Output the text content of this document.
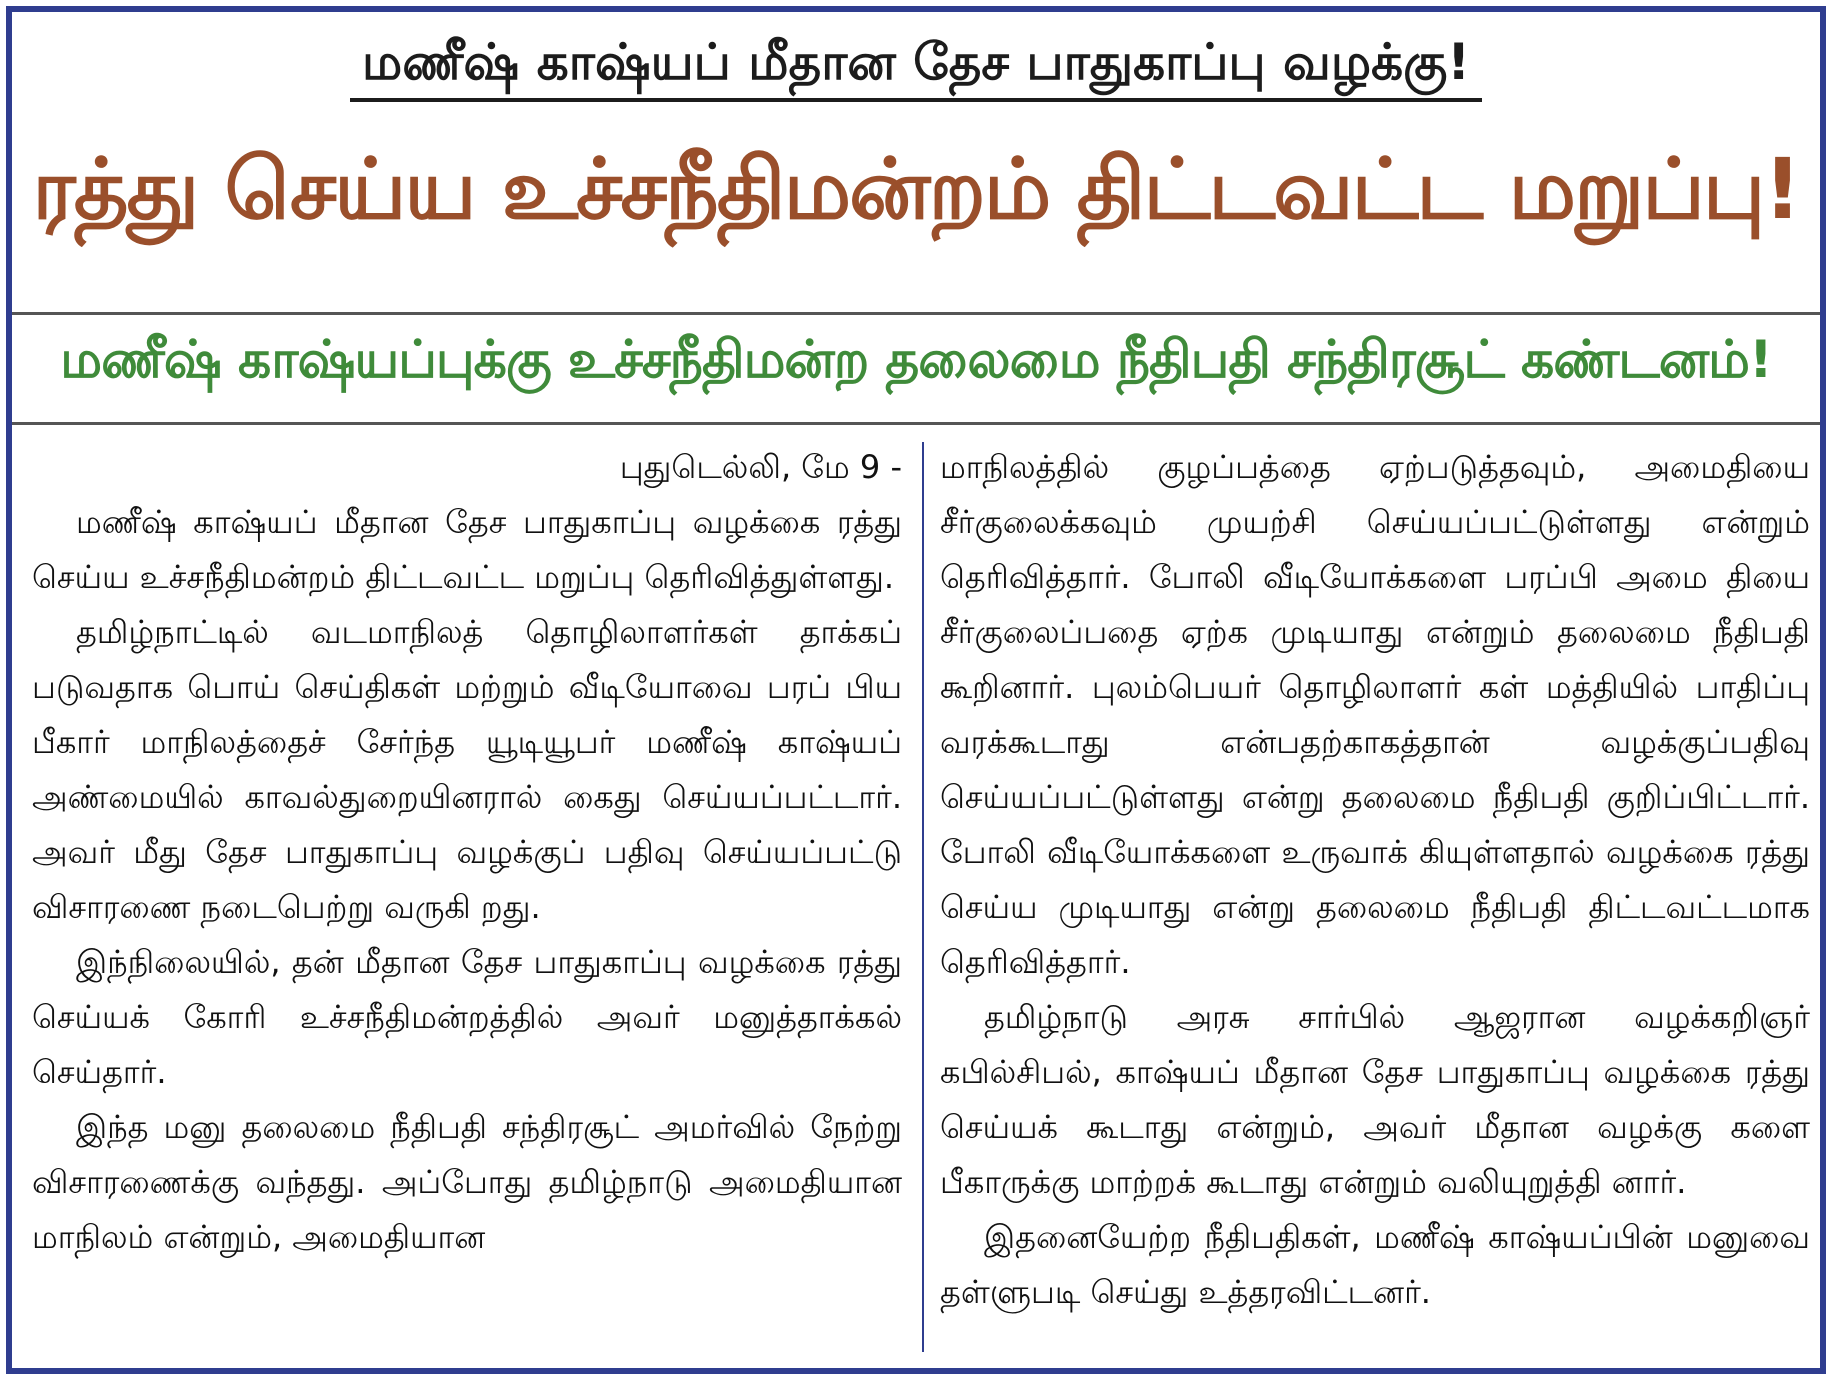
மணீஷ் காஷ்யப் மீதான தேச பாதுகாப்பு வழக்கு!
ரத்து செய்ய உச்சநீதிமன்றம் திட்டவட்ட மறுப்பு!
மணீஷ் காஷ்யப்புக்கு உச்சநீதிமன்ற தலைமை நீதிபதி சந்திரசூட் கண்டனம்!

புதுடெல்லி, மே 9 -

மணீஷ் காஷ்யப் மீதான தேச பாதுகாப்பு வழக்கை ரத்து செய்ய உச்சநீதிமன்றம் திட்டவட்ட மறுப்பு தெரிவித்துள்ளது.

தமிழ்நாட்டில் வடமாநிலத் தொழிலாளர்கள் தாக்கப் படுவதாக பொய் செய்திகள் மற்றும் வீடியோவை பரப் பிய பீகார் மாநிலத்தைச் சேர்ந்த யூடியூபர் மணீஷ் காஷ்யப் அண்மையில் காவல்துறையினரால் கைது செய்யப்பட்டார். அவர் மீது தேச பாதுகாப்பு வழக்குப் பதிவு செய்யப்பட்டு விசாரணை நடைபெற்று வருகி றது.

இந்நிலையில், தன் மீதான தேச பாதுகாப்பு வழக்கை ரத்து செய்யக் கோரி உச்சநீதிமன்றத்தில் அவர் மனுத்தாக்கல் செய்தார்.

இந்த மனு தலைமை நீதிபதி சந்திரசூட் அமர்வில் நேற்று விசாரணைக்கு வந்தது. அப்போது தமிழ்நாடு அமைதியான மாநிலம் என்றும், அமைதியான

மாநிலத்தில் குழப்பத்தை ஏற்படுத்தவும், அமைதியை சீர்குலைக்கவும் முயற்சி செய்யப்பட்டுள்ளது என்றும் தெரிவித்தார். போலி வீடியோக்களை பரப்பி அமை தியை சீர்குலைப்பதை ஏற்க முடியாது என்றும் தலைமை நீதிபதி கூறினார். புலம்பெயர் தொழிலாளர் கள் மத்தியில் பாதிப்பு வரக்கூடாது என்பதற்காகத்தான் வழக்குப்பதிவு செய்யப்பட்டுள்ளது என்று தலைமை நீதிபதி குறிப்பிட்டார். போலி வீடியோக்களை உருவாக் கியுள்ளதால் வழக்கை ரத்து செய்ய முடியாது என்று தலைமை நீதிபதி திட்டவட்டமாக தெரிவித்தார்.

தமிழ்நாடு அரசு சார்பில் ஆஜரான வழக்கறிஞர் கபில்சிபல், காஷ்யப் மீதான தேச பாதுகாப்பு வழக்கை ரத்து செய்யக் கூடாது என்றும், அவர் மீதான வழக்கு களை பீகாருக்கு மாற்றக் கூடாது என்றும் வலியுறுத்தி னார்.

இதனையேற்ற நீதிபதிகள், மணீஷ் காஷ்யப்பின் மனுவை தள்ளுபடி செய்து உத்தரவிட்டனர்.
